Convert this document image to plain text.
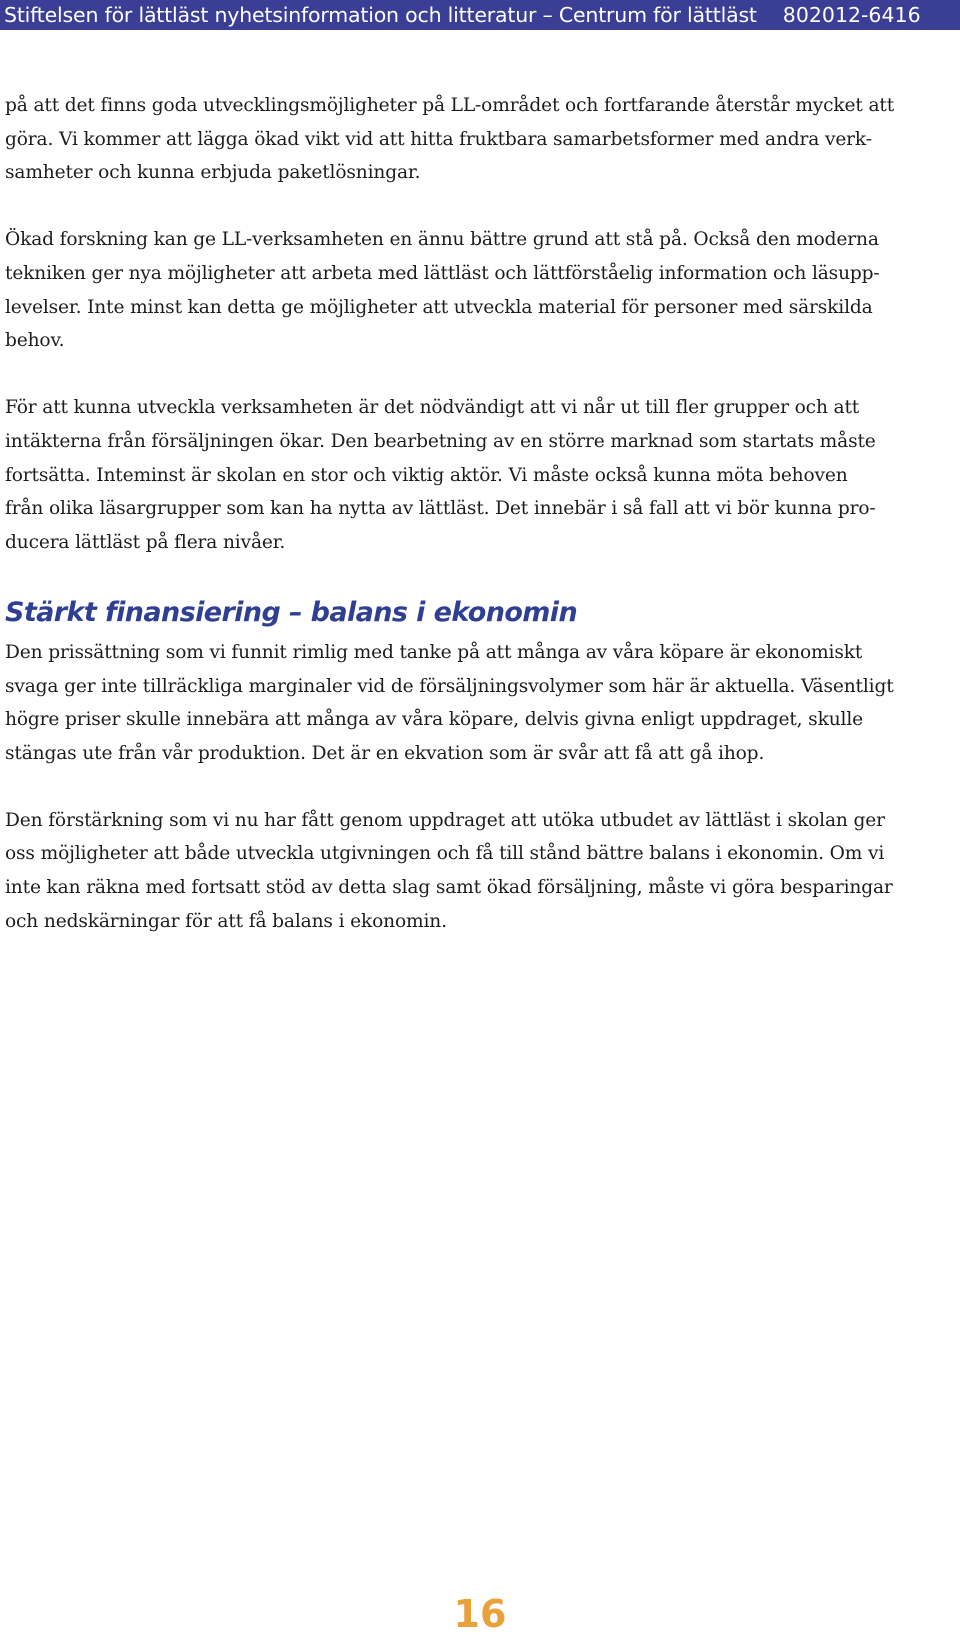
Stiftelsen för lättläst nyhetsinformation och litteratur – Centrum för lättläst 802012-6416

på att det finns goda utvecklingsmöjligheter på LL-området och fortfarande återstår mycket att
göra. Vi kommer att lägga ökad vikt vid att hitta fruktbara samarbetsformer med andra verk-
samheter och kunna erbjuda paketlösningar.

Ökad forskning kan ge LL-verksamheten en ännu bättre grund att stå på. Också den moderna
tekniken ger nya möjligheter att arbeta med lättläst och lättförståelig information och läsupp-
levelser. Inte minst kan detta ge möjligheter att utveckla material för personer med särskilda
behov.

För att kunna utveckla verksamheten är det nödvändigt att vi når ut till fler grupper och att
intäkterna från försäljningen ökar. Den bearbetning av en större marknad som startats måste
fortsätta. Inteminst är skolan en stor och viktig aktör. Vi måste också kunna möta behoven
från olika läsargrupper som kan ha nytta av lättläst. Det innebär i så fall att vi bör kunna pro-
ducera lättläst på flera nivåer.

Stärkt finansiering – balans i ekonomin

Den prissättning som vi funnit rimlig med tanke på att många av våra köpare är ekonomiskt
svaga ger inte tillräckliga marginaler vid de försäljningsvolymer som här är aktuella. Väsentligt
högre priser skulle innebära att många av våra köpare, delvis givna enligt uppdraget, skulle
stängas ute från vår produktion. Det är en ekvation som är svår att få att gå ihop.

Den förstärkning som vi nu har fått genom uppdraget att utöka utbudet av lättläst i skolan ger
oss möjligheter att både utveckla utgivningen och få till stånd bättre balans i ekonomin. Om vi
inte kan räkna med fortsatt stöd av detta slag samt ökad försäljning, måste vi göra besparingar
och nedskärningar för att få balans i ekonomin.

16
